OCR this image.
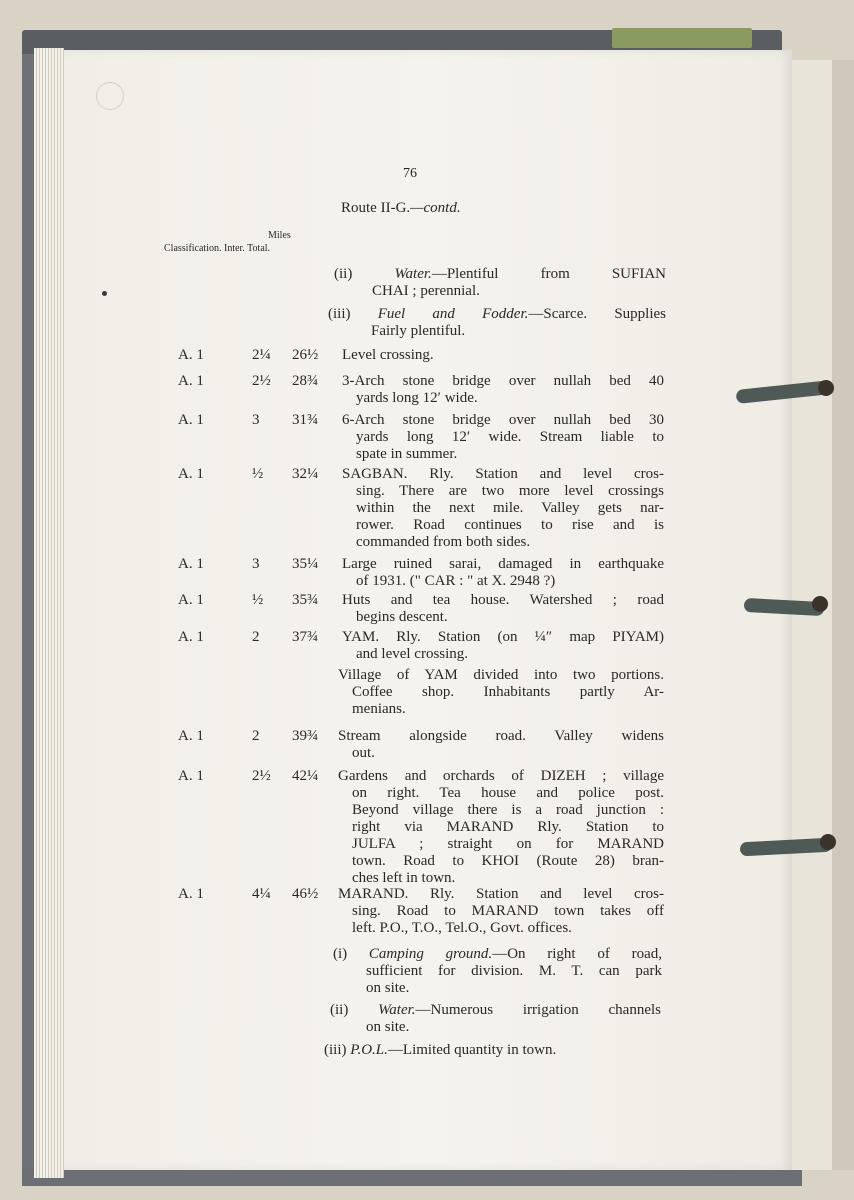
76
Route II-G.—contd.
Miles
Classification. Inter. Total.
(ii) Water.—Plentiful from SUFIAN
CHAI ; perennial.
(iii) Fuel and Fodder.—Scarce. Supplies
Fairly plentiful.
A. 1	2¼ 26½ Level crossing.
A. 1	2½ 28¾ 3-Arch stone bridge over nullah bed 40
yards long 12′ wide.
A. 1	3 31¾ 6-Arch stone bridge over nullah bed 30
yards long 12′ wide. Stream liable to
spate in summer.
A. 1	½ 32¼ SAGBAN. Rly. Station and level cros-
sing. There are two more level crossings
within the next mile. Valley gets nar-
rower. Road continues to rise and is
commanded from both sides.
A. 1	3 35¼ Large ruined sarai, damaged in earthquake
of 1931. (" CAR : " at X. 2948 ?)
A. 1	½ 35¾ Huts and tea house. Watershed ; road
begins descent.
A. 1	2 37¾ YAM. Rly. Station (on ¼″ map PIYAM)
and level crossing.
Village of YAM divided into two portions.
Coffee shop. Inhabitants partly Ar-
menians.
A. 1	2 39¾ Stream alongside road. Valley widens
out.
A. 1	2½ 42¼ Gardens and orchards of DIZEH ; village
on right. Tea house and police post.
Beyond village there is a road junction :
right via MARAND Rly. Station to
JULFA ; straight on for MARAND
town. Road to KHOI (Route 28) bran-
ches left in town.
A. 1	4¼ 46½ MARAND. Rly. Station and level cros-
sing. Road to MARAND town takes off
left. P.O., T.O., Tel.O., Govt. offices.
(i) Camping ground.—On right of road,
sufficient for division. M. T. can park
on site.
(ii) Water.—Numerous irrigation channels
on site.
(iii) P.O.L.—Limited quantity in town.
